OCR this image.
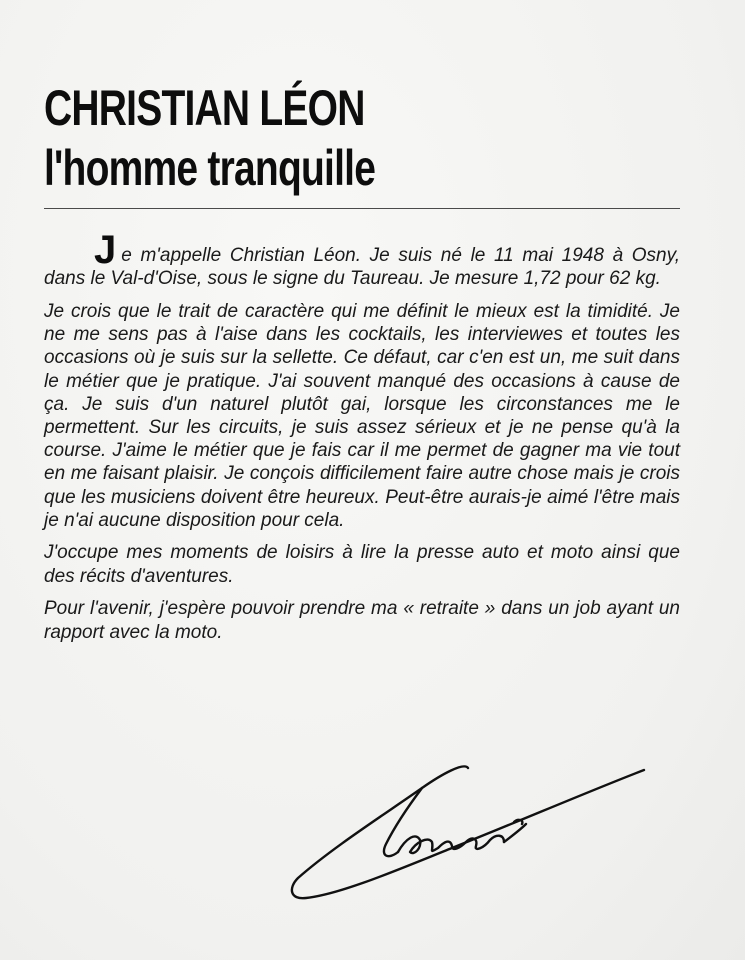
CHRISTIAN LÉON
l'homme tranquille

Je m'appelle Christian Léon. Je suis né le 11 mai 1948 à Osny, dans le Val-d'Oise, sous le signe du Taureau. Je mesure 1,72 pour 62 kg.

Je crois que le trait de caractère qui me définit le mieux est la timidité. Je ne me sens pas à l'aise dans les cocktails, les interviewes et toutes les occasions où je suis sur la sellette. Ce défaut, car c'en est un, me suit dans le métier que je pratique. J'ai souvent manqué des occasions à cause de ça. Je suis d'un naturel plutôt gai, lorsque les circonstances me le permettent. Sur les circuits, je suis assez sérieux et je ne pense qu'à la course. J'aime le métier que je fais car il me permet de gagner ma vie tout en me faisant plaisir. Je conçois difficilement faire autre chose mais je crois que les musiciens doivent être heureux. Peut-être aurais-je aimé l'être mais je n'ai aucune disposition pour cela.

J'occupe mes moments de loisirs à lire la presse auto et moto ainsi que des récits d'aventures.

Pour l'avenir, j'espère pouvoir prendre ma « retraite » dans un job ayant un rapport avec la moto.
